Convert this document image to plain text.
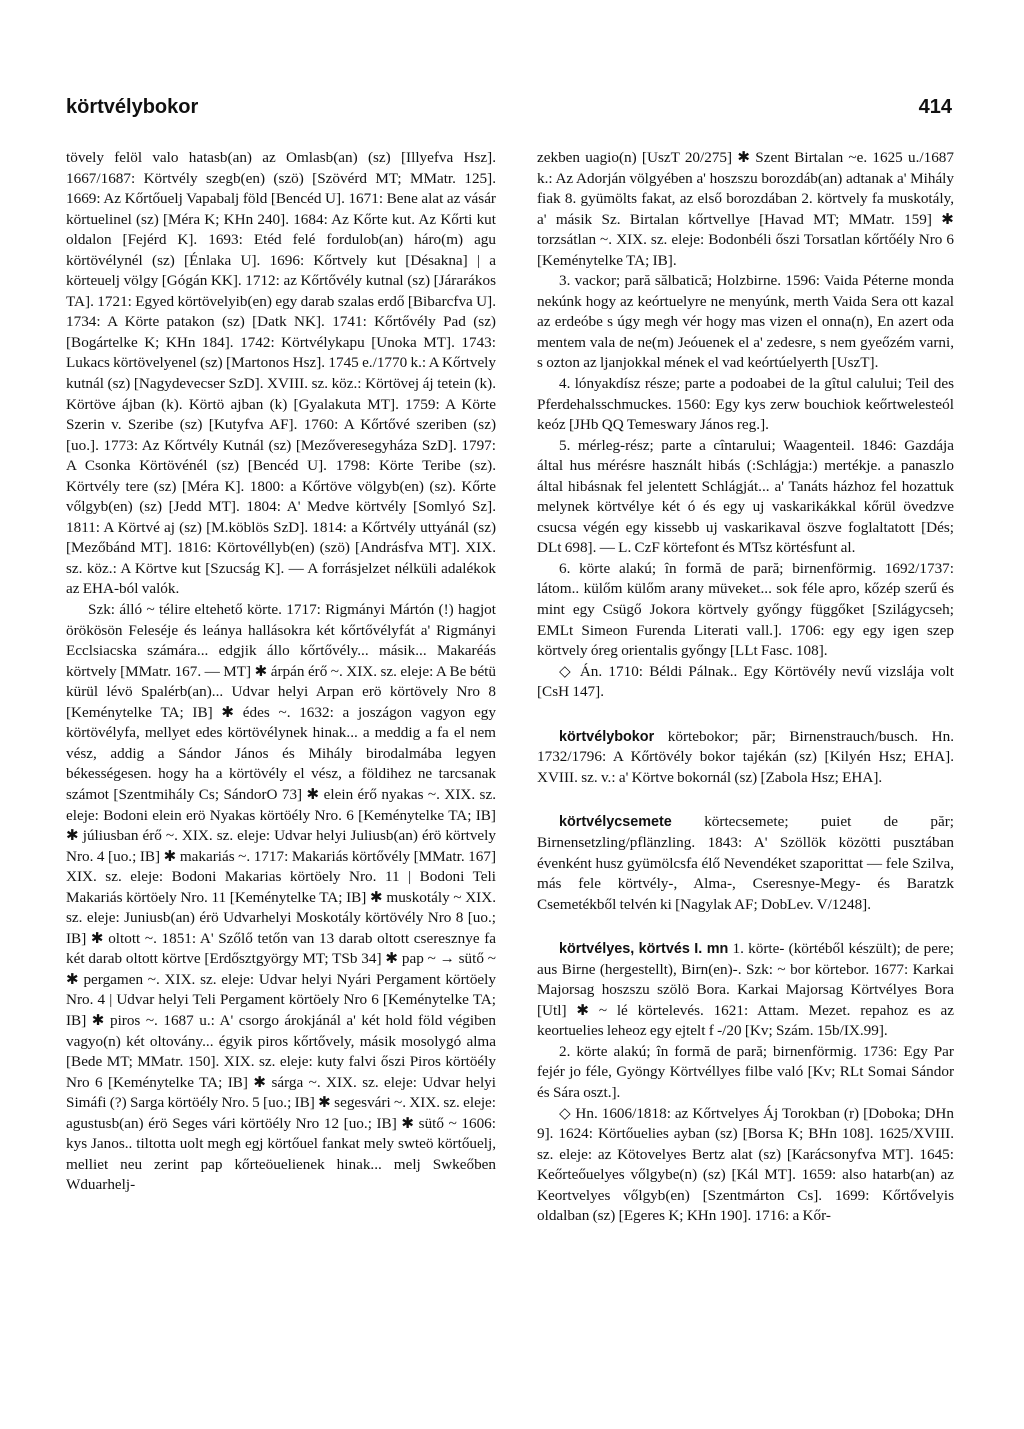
körtvélybokor	414

tövely felöl valo hatasb(an) az Omlasb(an) (sz) [Illyefva Hsz]. 1667/1687: Körtvély szegb(en) (szö) [Szövérd MT; MMatr. 125]. 1669: Az Kőrtőuelj Vapabalj föld [Bencéd U]. 1671: Bene alat az vásár körtuelinel (sz) [Méra K; KHn 240]. 1684: Az Kőrte kut. Az Kőrti kut oldalon [Fejérd K]. 1693: Etéd felé fordulob(an) háro(m) agu körtövélynél (sz) [Énlaka U]. 1696: Kőrtvely kut [Désakna] | a körteuelj völgy [Gógán KK]. 1712: az Kőrtővély kutnal (sz) [Járarákos TA]. 1721: Egyed körtövelyib(en) egy darab szalas erdő [Bibarcfva U]. 1734: A Körte patakon (sz) [Datk NK]. 1741: Kőrtővély Pad (sz) [Bogártelke K; KHn 184]. 1742: Körtvélykapu [Unoka MT]. 1743: Lukacs körtövelyenel (sz) [Martonos Hsz]. 1745 e./1770 k.: A Kőrtvely kutnál (sz) [Nagydevecser SzD]. XVIII. sz. köz.: Körtövej áj tetein (k). Körtöve ájban (k). Körtö ajban (k) [Gyalakuta MT]. 1759: A Körte Szerin v. Szeribe (sz) [Kutyfva AF]. 1760: A Kőrtővé szeriben (sz) [uo.]. 1773: Az Kőrtvély Kutnál (sz) [Mezőveresegyháza SzD]. 1797: A Csonka Körtövénél (sz) [Bencéd U]. 1798: Körte Teribe (sz). Körtvély tere (sz) [Méra K]. 1800: a Kőrtöve völgyb(en) (sz). Kőrte vőlgyb(en) (sz) [Jedd MT]. 1804: A' Medve körtvély [Somlyó Sz]. 1811: A Körtvé aj (sz) [M.köblös SzD]. 1814: a Kőrtvély uttyánál (sz) [Mezőbánd MT]. 1816: Körtovéllyb(en) (szö) [Andrásfva MT]. XIX. sz. köz.: A Körtve kut [Szucság K]. — A forrásjelzet nélküli adalékok az EHA-ból valók.

Szk: álló ~ télire eltehető körte. 1717: Rigmányi Mártón (!) hagjot örökösön Feleséje és leánya hallásokra két kőrtővélyfát a' Rigmányi Ecclsiacska számára... edgjik állo kőrtővély... másik... Makaréás körtvely [MMatr. 167. — MT] ✱ árpán érő ~. XIX. sz. eleje: A Be bétü kürül lévö Spalérb(an)... Udvar helyi Arpan erö körtövely Nro 8 [Keménytelke TA; IB] ✱ édes ~. 1632: a joszágon vagyon egy körtövélyfa, mellyet edes körtövélynek hinak... a meddig a fa el nem vész, addig a Sándor János és Mihály birodalmába legyen békességesen. hogy ha a körtövély el vész, a földihez ne tarcsanak számot [Szentmihály Cs; SándorO 73] ✱ elein érő nyakas ~. XIX. sz. eleje: Bodoni elein erö Nyakas körtöély Nro. 6 [Keménytelke TA; IB] ✱ júliusban érő ~. XIX. sz. eleje: Udvar helyi Juliusb(an) érö körtvely Nro. 4 [uo.; IB] ✱ makariás ~. 1717: Makariás körtővély [MMatr. 167] XIX. sz. eleje: Bodoni Makarias körtöely Nro. 11 | Bodoni Teli Makariás körtöely Nro. 11 [Keménytelke TA; IB] ✱ muskotály ~ XIX. sz. eleje: Juniusb(an) érö Udvarhelyi Moskotály körtövély Nro 8 [uo.; IB] ✱ oltott ~. 1851: A' Szőlő tetőn van 13 darab oltott cseresznye fa két darab oltott körtve [Erdősztgyörgy MT; TSb 34] ✱ pap ~ → sütő ~ ✱ pergamen ~. XIX. sz. eleje: Udvar helyi Nyári Pergament körtöely Nro. 4 | Udvar helyi Teli Pergament körtöely Nro 6 [Keménytelke TA; IB] ✱ piros ~. 1687 u.: A' csorgo árokjánál a' két hold föld végiben vagyo(n) két oltovány... égyik piros kőrtővely, másik mosolygó alma [Bede MT; MMatr. 150]. XIX. sz. eleje: kuty falvi őszi Piros körtöély Nro 6 [Keménytelke TA; IB] ✱ sárga ~. XIX. sz. eleje: Udvar helyi Simáfi (?) Sarga körtöély Nro. 5 [uo.; IB] ✱ segesvári ~. XIX. sz. eleje: agustusb(an) érö Seges vári körtöély Nro 12 [uo.; IB] ✱ sütő ~ 1606: kys Janos.. tiltotta uolt megh egj körtőuel fankat mely swteö körtőuelj, melliet neu zerint pap kőrteöuelienek hinak... melj Swkeőben Wduarhelj-

zekben uagio(n) [UszT 20/275] ✱ Szent Birtalan ~e. 1625 u./1687 k.: Az Adorján völgyében a' hoszszu borozdáb(an) adtanak a' Mihály fiak 8. gyümölts fakat, az első borozdában 2. körtvely fa muskotály, a' másik Sz. Birtalan kőrtvellye [Havad MT; MMatr. 159] ✱ torzsátlan ~. XIX. sz. eleje: Bodonbéli őszi Torsatlan kőrtőély Nro 6 [Keménytelke TA; IB].

3. vackor; pară sălbatică; Holzbirne. 1596: Vaida Péterne monda nekúnk hogy az keórtuelyre ne menyúnk, merth Vaida Sera ott kazal az erdeóbe s úgy megh vér hogy mas vizen el onna(n), En azert oda mentem vala de ne(m) Jeóuenek el a' zedesre, s nem gyeőzém varni, s ozton az ljanjokkal mének el vad keórtúelyerth [UszT].

4. lónyakdísz része; parte a podoabei de la gîtul calului; Teil des Pferdehalsschmuckes. 1560: Egy kys zerw bouchiok keőrtwelesteól keóz [JHb QQ Temeswary János reg.].

5. mérleg-rész; parte a cîntarului; Waagenteil. 1846: Gazdája által hus mérésre használt hibás (:Schlágja:) mertékje. a panaszlo által hibásnak fel jelentett Schlágját... a' Tanáts házhoz fel hozattuk melynek körtvélye két ó és egy uj vaskarikákkal kőrül övedzve csucsa végén egy kissebb uj vaskarikaval öszve foglaltatott [Dés; DLt 698]. — L. CzF körtefont és MTsz körtésfunt al.

6. körte alakú; în formă de pară; birnenförmig. 1692/1737: látom.. külőm külőm arany müveket... sok féle apro, kőzép szerű és mint egy Csügő Jokora körtvely győngy függőket [Szilágycseh; EMLt Simeon Furenda Literati vall.]. 1706: egy egy igen szep körtvely óreg orientalis győngy [LLt Fasc. 108].

◇ Án. 1710: Béldi Pálnak.. Egy Körtövély nevű vizslája volt [CsH 147].

körtvélybokor körtebokor; păr; Birnenstrauch/busch. Hn. 1732/1796: A Kőrtövély bokor tajékán (sz) [Kilyén Hsz; EHA]. XVIII. sz. v.: a' Körtve bokornál (sz) [Zabola Hsz; EHA].

körtvélycsemete körtecsemete; puiet de păr; Birnensetzling/pflänzling. 1843: A' Szöllök közötti pusztában évenként husz gyümölcsfa élő Nevendéket szaporittat — fele Szilva, más fele körtvély-, Alma-, Cseresnye-Megy- és Baratzk Csemetékből telvén ki [Nagylak AF; DobLev. V/1248].

körtvélyes, körtvés I. mn 1. körte- (körtéből készült); de pere; aus Birne (hergestellt), Birn(en)-. Szk: ~ bor körtebor. 1677: Karkai Majorsag hoszszu szölö Bora. Karkai Majorsag Körtvélyes Bora [Utl] ✱ ~ lé körtelevés. 1621: Attam. Mezet. repahoz es az keortuelies leheoz egy ejtelt f -/20 [Kv; Szám. 15b/IX.99].

2. körte alakú; în formă de pară; birnenförmig. 1736: Egy Par fejér jo féle, Gyöngy Körtvéllyes filbe való [Kv; RLt Somai Sándor és Sára oszt.].

◇ Hn. 1606/1818: az Kőrtvelyes Áj Torokban (r) [Doboka; DHn 9]. 1624: Körtőuelies ayban (sz) [Borsa K; BHn 108]. 1625/XVIII. sz. eleje: az Kötovelyes Bertz alat (sz) [Karácsonyfva MT]. 1645: Keőrteőuelyes vőlgybe(n) (sz) [Kál MT]. 1659: also hatarb(an) az Keortvelyes vőlgyb(en) [Szentmárton Cs]. 1699: Kőrtővelyis oldalban (sz) [Egeres K; KHn 190]. 1716: a Kőr-
